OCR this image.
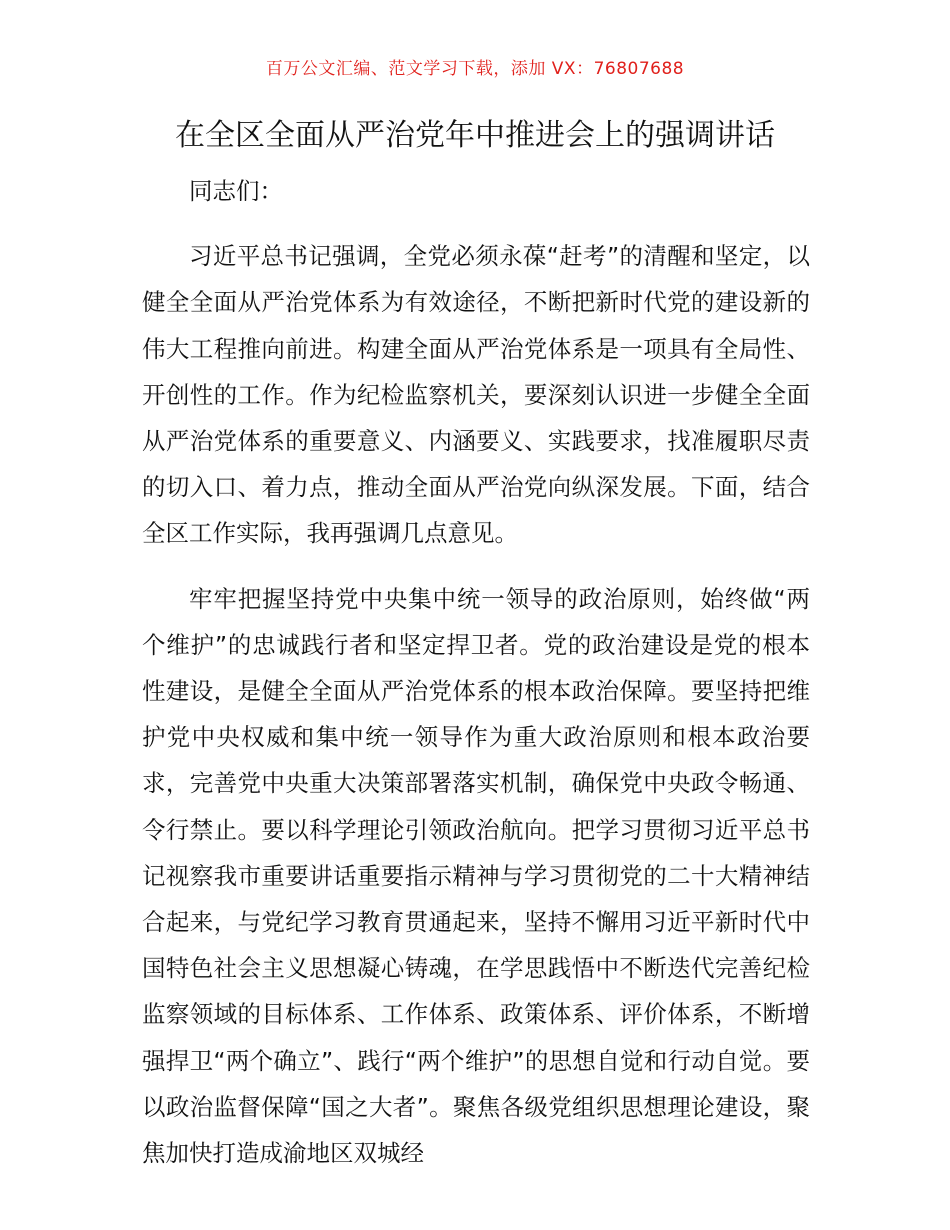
百万公文汇编、范文学习下载，添加 VX：76807688
在全区全面从严治党年中推进会上的强调讲话

同志们：

习近平总书记强调，全党必须永葆“赶考”的清醒和坚定，以健全全面从严治党体系为有效途径，不断把新时代党的建设新的伟大工程推向前进。构建全面从严治党体系是一项具有全局性、开创性的工作。作为纪检监察机关，要深刻认识进一步健全全面从严治党体系的重要意义、内涵要义、实践要求，找准履职尽责的切入口、着力点，推动全面从严治党向纵深发展。下面，结合全区工作实际，我再强调几点意见。

牢牢把握坚持党中央集中统一领导的政治原则，始终做“两个维护”的忠诚践行者和坚定捍卫者。党的政治建设是党的根本性建设，是健全全面从严治党体系的根本政治保障。要坚持把维护党中央权威和集中统一领导作为重大政治原则和根本政治要求，完善党中央重大决策部署落实机制，确保党中央政令畅通、令行禁止。要以科学理论引领政治航向。把学习贯彻习近平总书记视察我市重要讲话重要指示精神与学习贯彻党的二十大精神结合起来，与党纪学习教育贯通起来，坚持不懈用习近平新时代中国特色社会主义思想凝心铸魂，在学思践悟中不断迭代完善纪检监察领域的目标体系、工作体系、政策体系、评价体系，不断增强捍卫“两个确立”、践行“两个维护”的思想自觉和行动自觉。要以政治监督保障“国之大者”。聚焦各级党组织思想理论建设，聚焦加快打造成渝地区双城经
